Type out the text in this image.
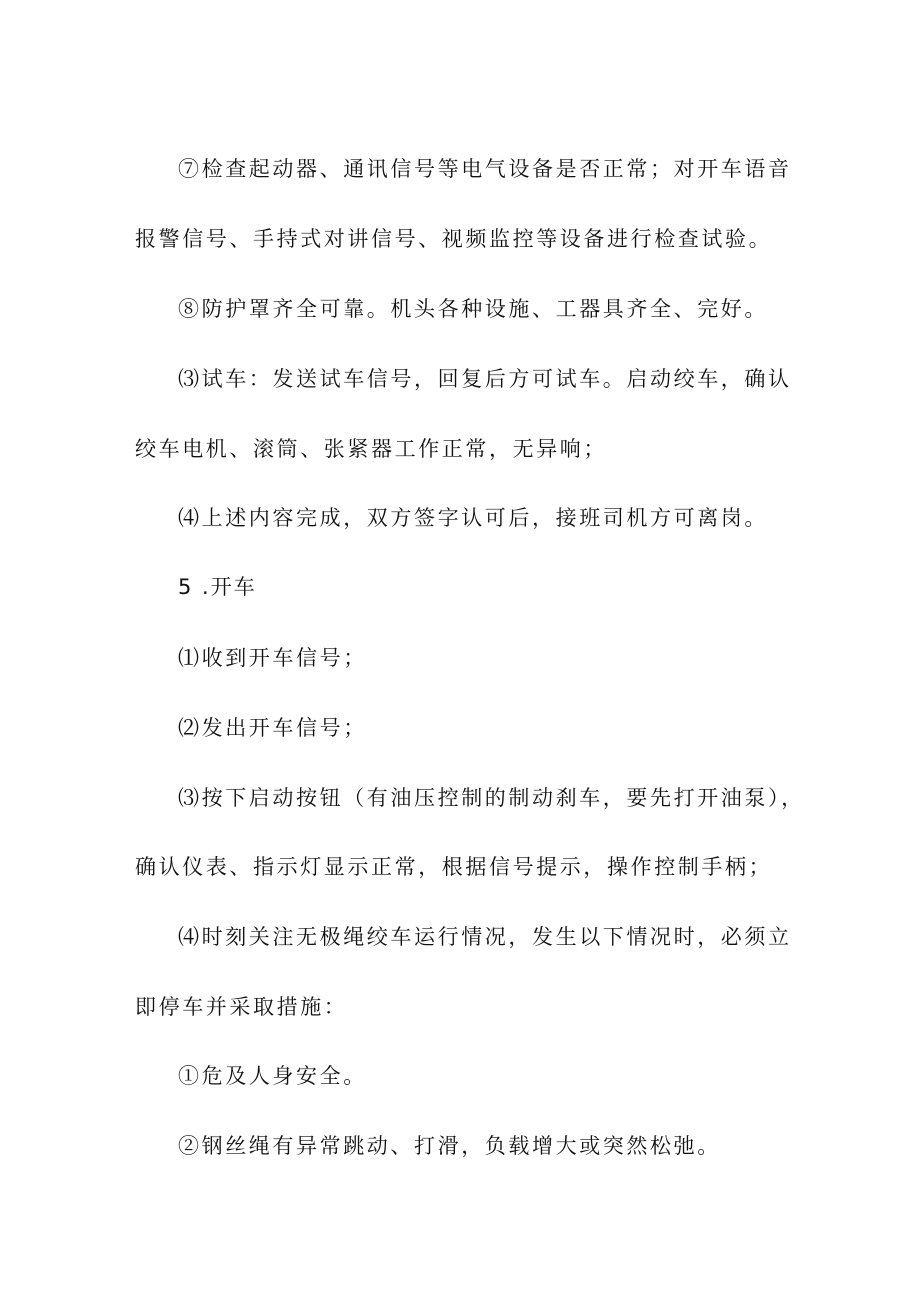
⑦检查起动器、通讯信号等电气设备是否正常；对开车语音
报警信号、手持式对讲信号、视频监控等设备进行检查试验。
⑧防护罩齐全可靠。机头各种设施、工器具齐全、完好。
⑶试车：发送试车信号，回复后方可试车。启动绞车，确认
绞车电机、滚筒、张紧器工作正常，无异响；
⑷上述内容完成，双方签字认可后，接班司机方可离岗。
5 .开车
⑴收到开车信号；
⑵发出开车信号；
⑶按下启动按钮（有油压控制的制动刹车，要先打开油泵），
确认仪表、指示灯显示正常，根据信号提示，操作控制手柄；
⑷时刻关注无极绳绞车运行情况，发生以下情况时，必须立
即停车并采取措施：
①危及人身安全。
②钢丝绳有异常跳动、打滑，负载增大或突然松弛。
